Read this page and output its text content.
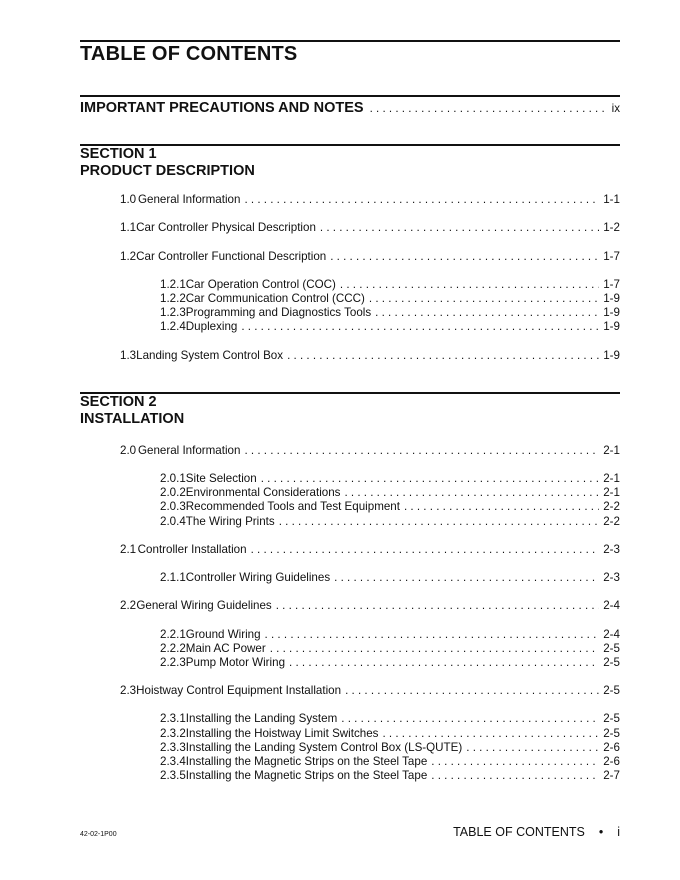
TABLE OF CONTENTS
IMPORTANT PRECAUTIONS AND NOTES . . .	ix
SECTION 1
PRODUCT DESCRIPTION
SECTION 2
INSTALLATION
1.0 General Information . . .	1-1
1.1 Car Controller Physical Description . . .	1-2
1.2 Car Controller Functional Description . . .	1-7
1.2.1 Car Operation Control (COC) . . .	1-7
1.2.2 Car Communication Control (CCC) . . .	1-9
1.2.3 Programming and Diagnostics Tools . . .	1-9
1.2.4 Duplexing . . .	1-9
1.3 Landing System Control Box . . .	1-9
2.0 General Information . . .	2-1
2.0.1 Site Selection . . .	2-1
2.0.2 Environmental Considerations . . .	2-1
2.0.3 Recommended Tools and Test Equipment . . .	2-2
2.0.4 The Wiring Prints . . .	2-2
2.1 Controller Installation . . .	2-3
2.1.1 Controller Wiring Guidelines . . .	2-3
2.2 General Wiring Guidelines . . .	2-4
2.2.1 Ground Wiring . . .	2-4
2.2.2 Main AC Power . . .	2-5
2.2.3 Pump Motor Wiring . . .	2-5
2.3 Hoistway Control Equipment Installation . . .	2-5
2.3.1 Installing the Landing System . . .	2-5
2.3.2 Installing the Hoistway Limit Switches . . .	2-5
2.3.3 Installing the Landing System Control Box (LS-QUTE) . . .	2-6
2.3.4 Installing the Magnetic Strips on the Steel Tape . . .	2-6
2.3.5 Installing the Magnetic Strips on the Steel Tape . . .	2-7
42-02-1P00	TABLE OF CONTENTS • i
